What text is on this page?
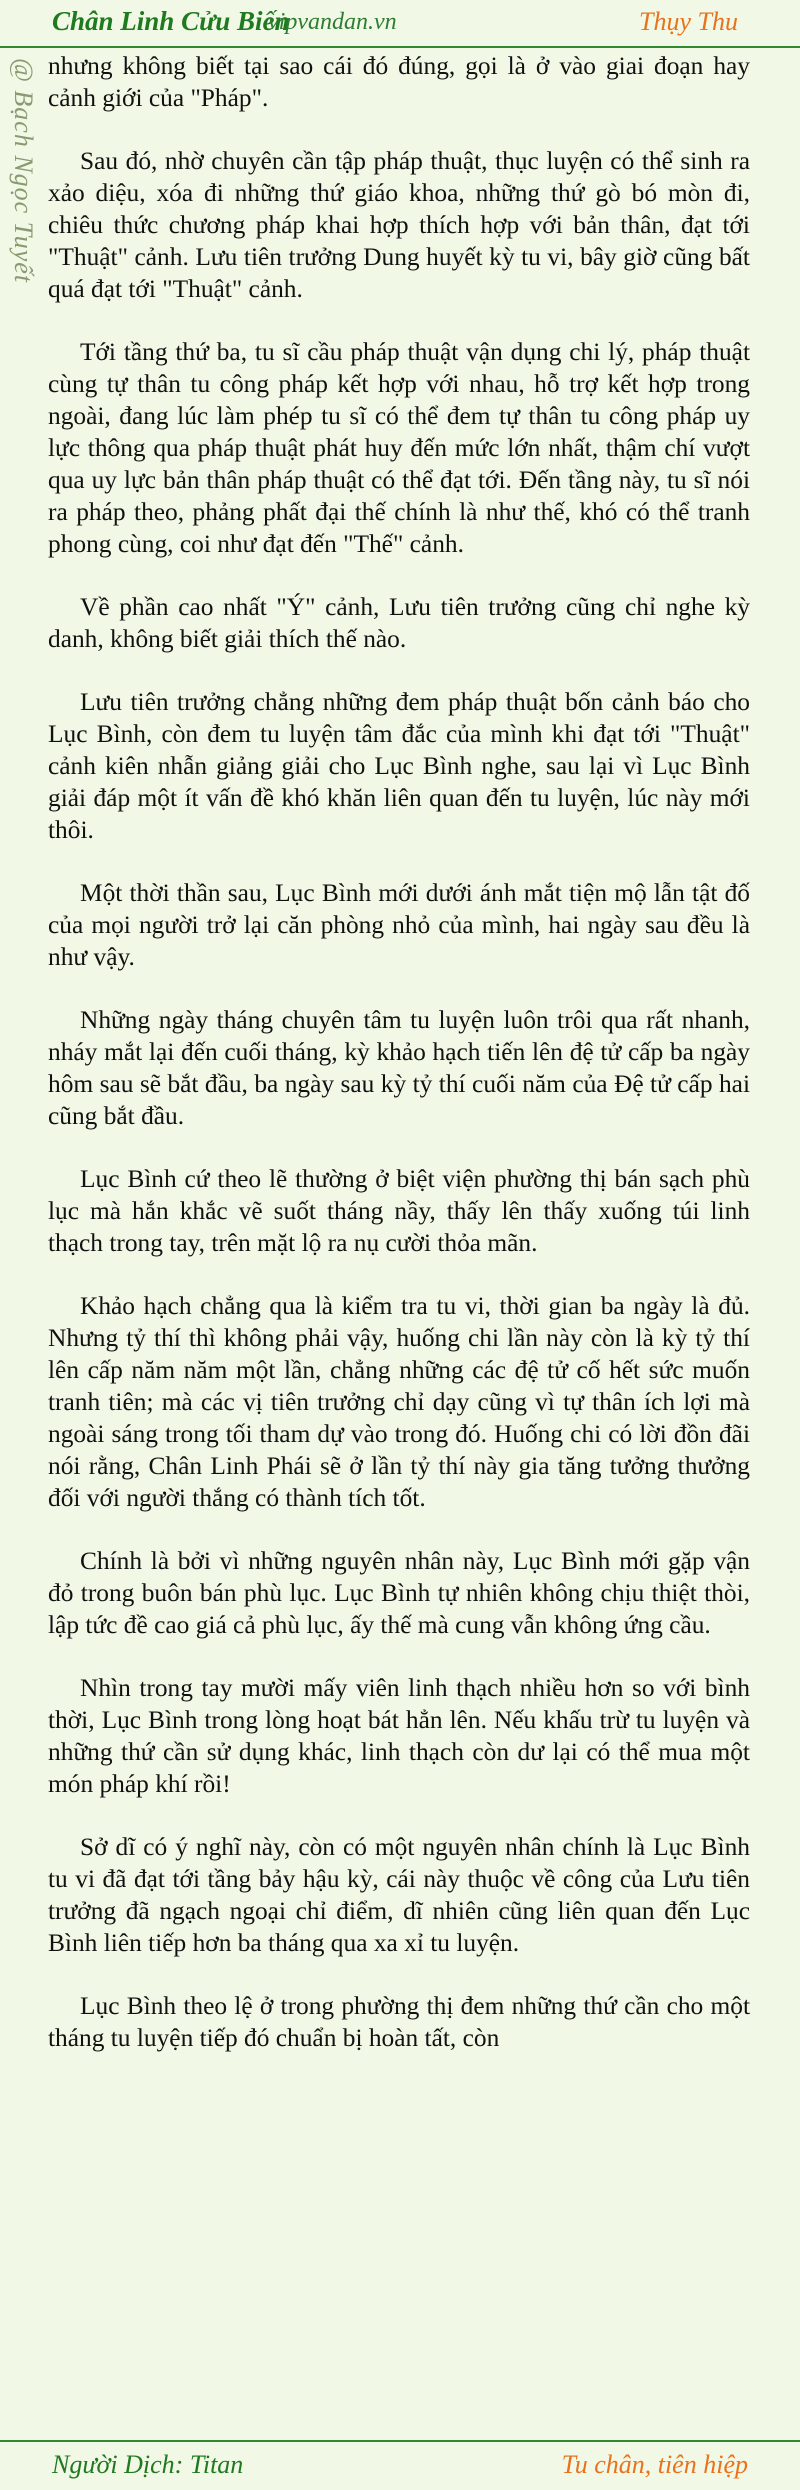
Chân Linh Cửu Biến
vipvandan.vn	Thụy Thu
@ Bạch Ngọc Tuyết nhưng không biết tại sao cái đó đúng, gọi là ở vào giai đoạn hay cảnh giới của "Pháp".

Sau đó, nhờ chuyên cần tập pháp thuật, thục luyện có thể sinh ra xảo diệu, xóa đi những thứ giáo khoa, những thứ gò bó mòn đi, chiêu thức chương pháp khai hợp thích hợp với bản thân, đạt tới "Thuật" cảnh. Lưu tiên trưởng Dung huyết kỳ tu vi, bây giờ cũng bất quá đạt tới "Thuật" cảnh.

Tới tầng thứ ba, tu sĩ cầu pháp thuật vận dụng chi lý, pháp thuật cùng tự thân tu công pháp kết hợp với nhau, hỗ trợ kết hợp trong ngoài, đang lúc làm phép tu sĩ có thể đem tự thân tu công pháp uy lực thông qua pháp thuật phát huy đến mức lớn nhất, thậm chí vượt qua uy lực bản thân pháp thuật có thể đạt tới. Đến tầng này, tu sĩ nói ra pháp theo, phảng phất đại thế chính là như thế, khó có thể tranh phong cùng, coi như đạt đến "Thế" cảnh.

Về phần cao nhất "Ý" cảnh, Lưu tiên trưởng cũng chỉ nghe kỳ danh, không biết giải thích thế nào.

Lưu tiên trưởng chẳng những đem pháp thuật bốn cảnh báo cho Lục Bình, còn đem tu luyện tâm đắc của mình khi đạt tới "Thuật" cảnh kiên nhẫn giảng giải cho Lục Bình nghe, sau lại vì Lục Bình giải đáp một ít vấn đề khó khăn liên quan đến tu luyện, lúc này mới thôi.

Một thời thần sau, Lục Bình mới dưới ánh mắt tiện mộ lẫn tật đố của mọi người trở lại căn phòng nhỏ của mình, hai ngày sau đều là như vậy.

Những ngày tháng chuyên tâm tu luyện luôn trôi qua rất nhanh, nháy mắt lại đến cuối tháng, kỳ khảo hạch tiến lên đệ tử cấp ba ngày hôm sau sẽ bắt đầu, ba ngày sau kỳ tỷ thí cuối năm của Đệ tử cấp hai cũng bắt đầu.

Lục Bình cứ theo lẽ thường ở biệt viện phường thị bán sạch phù lục mà hắn khắc vẽ suốt tháng nầy, thấy lên thấy xuống túi linh thạch trong tay, trên mặt lộ ra nụ cười thỏa mãn.

Khảo hạch chẳng qua là kiểm tra tu vi, thời gian ba ngày là đủ. Nhưng tỷ thí thì không phải vậy, huống chi lần này còn là kỳ tỷ thí lên cấp năm năm một lần, chẳng những các đệ tử cố hết sức muốn tranh tiên; mà các vị tiên trưởng chỉ dạy cũng vì tự thân ích lợi mà ngoài sáng trong tối tham dự vào trong đó. Huống chi có lời đồn đãi nói rằng, Chân Linh Phái sẽ ở lần tỷ thí này gia tăng tưởng thưởng đối với người thắng có thành tích tốt.

Chính là bởi vì những nguyên nhân này, Lục Bình mới gặp vận đỏ trong buôn bán phù lục. Lục Bình tự nhiên không chịu thiệt thòi, lập tức đề cao giá cả phù lục, ấy thế mà cung vẫn không ứng cầu.

Nhìn trong tay mười mấy viên linh thạch nhiều hơn so với bình thời, Lục Bình trong lòng hoạt bát hẳn lên. Nếu khấu trừ tu luyện và những thứ cần sử dụng khác, linh thạch còn dư lại có thể mua một món pháp khí rồi!

Sở dĩ có ý nghĩ này, còn có một nguyên nhân chính là Lục Bình tu vi đã đạt tới tầng bảy hậu kỳ, cái này thuộc về công của Lưu tiên trưởng đã ngạch ngoại chỉ điểm, dĩ nhiên cũng liên quan đến Lục Bình liên tiếp hơn ba tháng qua xa xỉ tu luyện.

Lục Bình theo lệ ở trong phường thị đem những thứ cần cho một tháng tu luyện tiếp đó chuẩn bị hoàn tất, còn

Người Dịch: Titan	Tu chân, tiên hiệp
